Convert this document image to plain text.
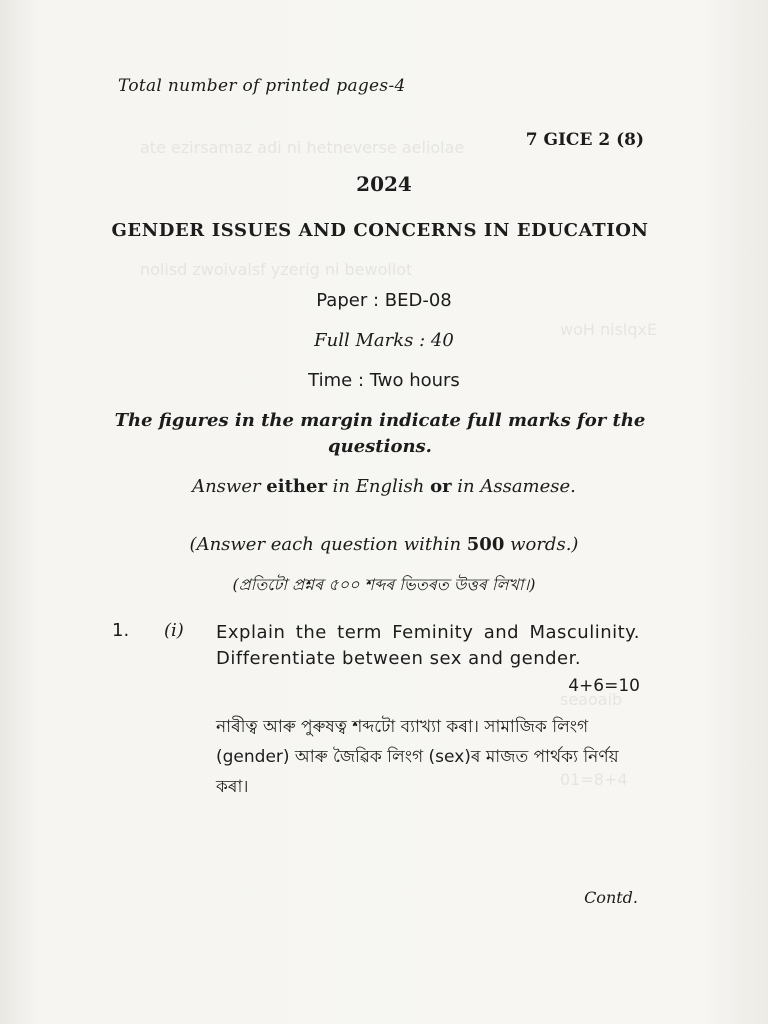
ate ezirsamaz adi ni hetneverse aeliolae
nolisd zwoivalsf yzerig ni bewollot
woH nislqxE
seaoaib
01=8+4
Total number of printed pages-4
7 GICE 2 (8)
2024
GENDER ISSUES AND CONCERNS IN EDUCATION
Paper : BED-08
Full Marks : 40
Time : Two hours
The figures in the margin indicate full marks for the questions.
Answer either in English or in Assamese.
(Answer each question within 500 words.)
(প্ৰতিটো প্ৰশ্নৰ ৫০০ শব্দৰ ভিতৰত উত্তৰ লিখা।)
1. (i) Explain the term Feminity and Masculinity. Differentiate between sex and gender.
4+6=10
নাৰীত্ব আৰু পুৰুষত্ব শব্দটো ব্যাখ্যা কৰা। সামাজিক লিংগ (gender) আৰু জৈৱিক লিংগ (sex)ৰ মাজত পাৰ্থক্য নিৰ্ণয় কৰা।
Contd.
